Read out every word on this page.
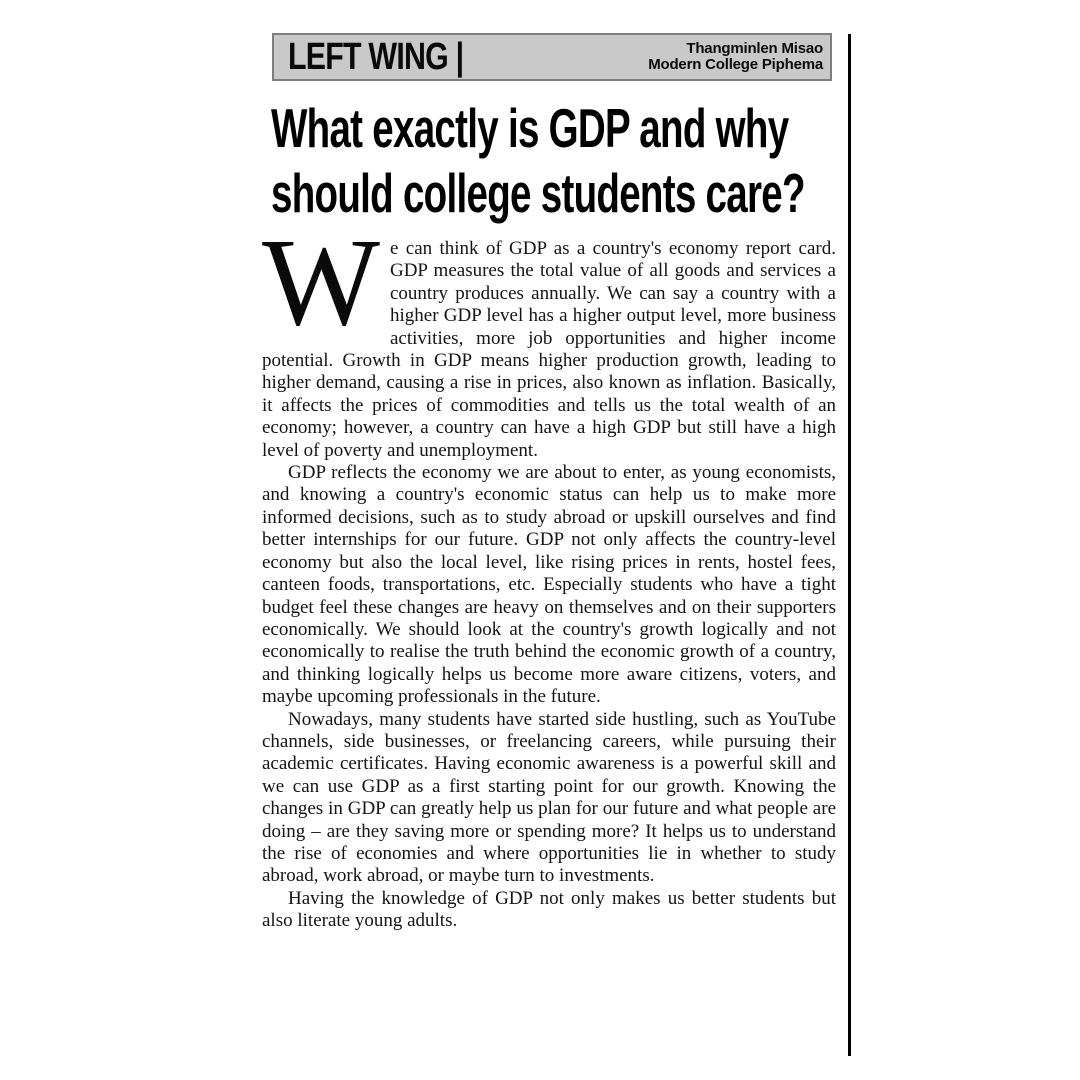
LEFT WING |	Thangminlen Misao
Modern College Piphema
What exactly is GDP and why
should college students care?

We can think of GDP as a country's economy report card. GDP measures the total value of all goods and services a country produces annually. We can say a country with a higher GDP level has a higher output level, more business activities, more job opportunities and higher income potential. Growth in GDP means higher production growth, leading to higher demand, causing a rise in prices, also known as inflation. Basically, it affects the prices of commodities and tells us the total wealth of an economy; however, a country can have a high GDP but still have a high level of poverty and unemployment.

GDP reflects the economy we are about to enter, as young economists, and knowing a country's economic status can help us to make more informed decisions, such as to study abroad or upskill ourselves and find better internships for our future. GDP not only affects the country-level economy but also the local level, like rising prices in rents, hostel fees, canteen foods, transportations, etc. Especially students who have a tight budget feel these changes are heavy on themselves and on their supporters economically. We should look at the country's growth logically and not economically to realise the truth behind the economic growth of a country, and thinking logically helps us become more aware citizens, voters, and maybe upcoming professionals in the future.

Nowadays, many students have started side hustling, such as YouTube channels, side businesses, or freelancing careers, while pursuing their academic certificates. Having economic awareness is a powerful skill and we can use GDP as a first starting point for our growth. Knowing the changes in GDP can greatly help us plan for our future and what people are doing – are they saving more or spending more? It helps us to understand the rise of economies and where opportunities lie in whether to study abroad, work abroad, or maybe turn to investments.

Having the knowledge of GDP not only makes us better students but also literate young adults.
